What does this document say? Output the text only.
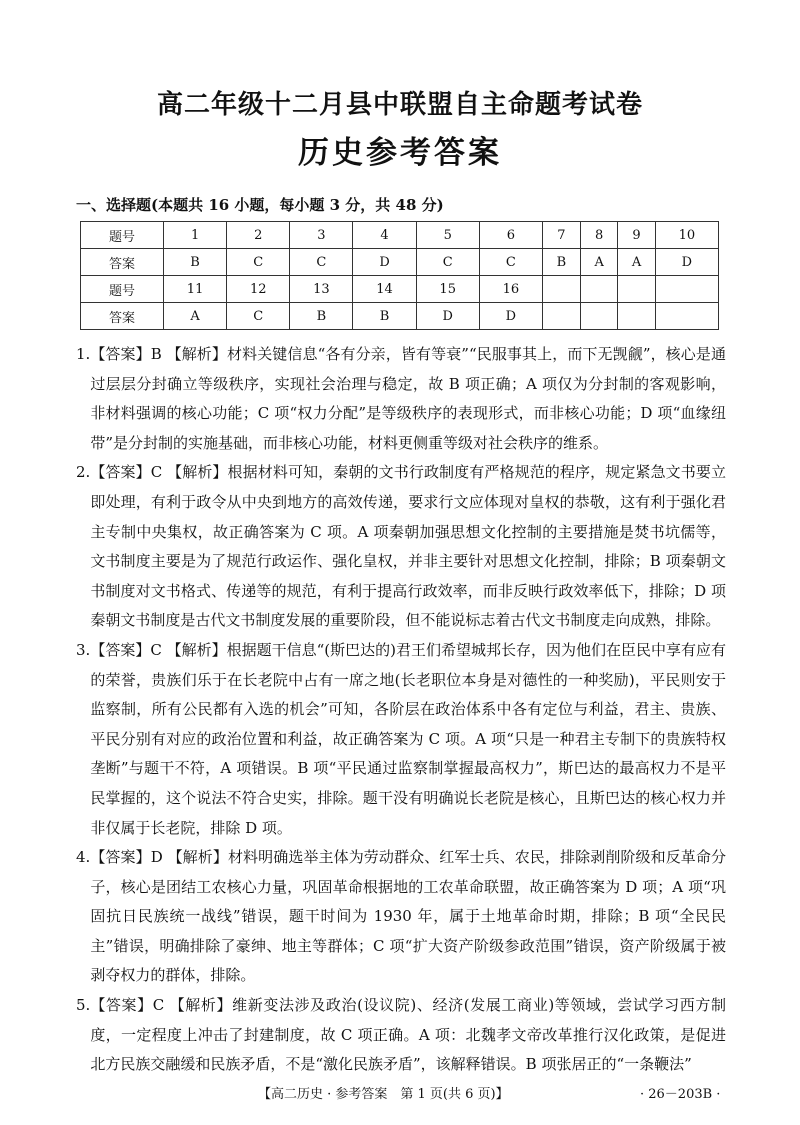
高二年级十二月县中联盟自主命题考试卷
历史参考答案
一、选择题(本题共 16 小题，每小题 3 分，共 48 分)
题号	1	2	3	4	5	6	7	8	9	10
答案	B	C	C	D	C	C	B	A	A	D
题号	11	12	13	14	15	16				
答案	A	C	B	B	D	D				
1. 【答案】B 【解析】材料关键信息“各有分亲，皆有等衰”“民服事其上，而下无觊觎”，核心是通过层层分封确立等级秩序，实现社会治理与稳定，故 B 项正确；A 项仅为分封制的客观影响，非材料强调的核心功能；C 项“权力分配”是等级秩序的表现形式，而非核心功能；D 项“血缘纽带”是分封制的实施基础，而非核心功能，材料更侧重等级对社会秩序的维系。
2. 【答案】C 【解析】根据材料可知，秦朝的文书行政制度有严格规范的程序，规定紧急文书要立即处理，有利于政令从中央到地方的高效传递，要求行文应体现对皇权的恭敬，这有利于强化君主专制中央集权，故正确答案为 C 项。A 项秦朝加强思想文化控制的主要措施是焚书坑儒等，文书制度主要是为了规范行政运作、强化皇权，并非主要针对思想文化控制，排除；B 项秦朝文书制度对文书格式、传递等的规范，有利于提高行政效率，而非反映行政效率低下，排除；D 项秦朝文书制度是古代文书制度发展的重要阶段，但不能说标志着古代文书制度走向成熟，排除。
3. 【答案】C 【解析】根据题干信息“(斯巴达的)君王们希望城邦长存，因为他们在臣民中享有应有的荣誉，贵族们乐于在长老院中占有一席之地(长老职位本身是对德性的一种奖励)，平民则安于监察制，所有公民都有入选的机会”可知，各阶层在政治体系中各有定位与利益，君主、贵族、平民分别有对应的政治位置和利益，故正确答案为 C 项。A 项“只是一种君主专制下的贵族特权垄断”与题干不符，A 项错误。B 项“平民通过监察制掌握最高权力”，斯巴达的最高权力不是平民掌握的，这个说法不符合史实，排除。题干没有明确说长老院是核心，且斯巴达的核心权力并非仅属于长老院，排除 D 项。
4. 【答案】D 【解析】材料明确选举主体为劳动群众、红军士兵、农民，排除剥削阶级和反革命分子，核心是团结工农核心力量，巩固革命根据地的工农革命联盟，故正确答案为 D 项；A 项“巩固抗日民族统一战线”错误，题干时间为 1930 年，属于土地革命时期，排除；B 项“全民民主”错误，明确排除了豪绅、地主等群体；C 项“扩大资产阶级参政范围”错误，资产阶级属于被剥夺权力的群体，排除。
5. 【答案】C 【解析】维新变法涉及政治(设议院)、经济(发展工商业)等领域，尝试学习西方制度，一定程度上冲击了封建制度，故 C 项正确。A 项：北魏孝文帝改革推行汉化政策，是促进北方民族交融缓和民族矛盾，不是“激化民族矛盾”，该解释错误。B 项张居正的“一条鞭法”
【高二历史 · 参考答案　第 1 页(共 6 页)】	· 26－203B ·
